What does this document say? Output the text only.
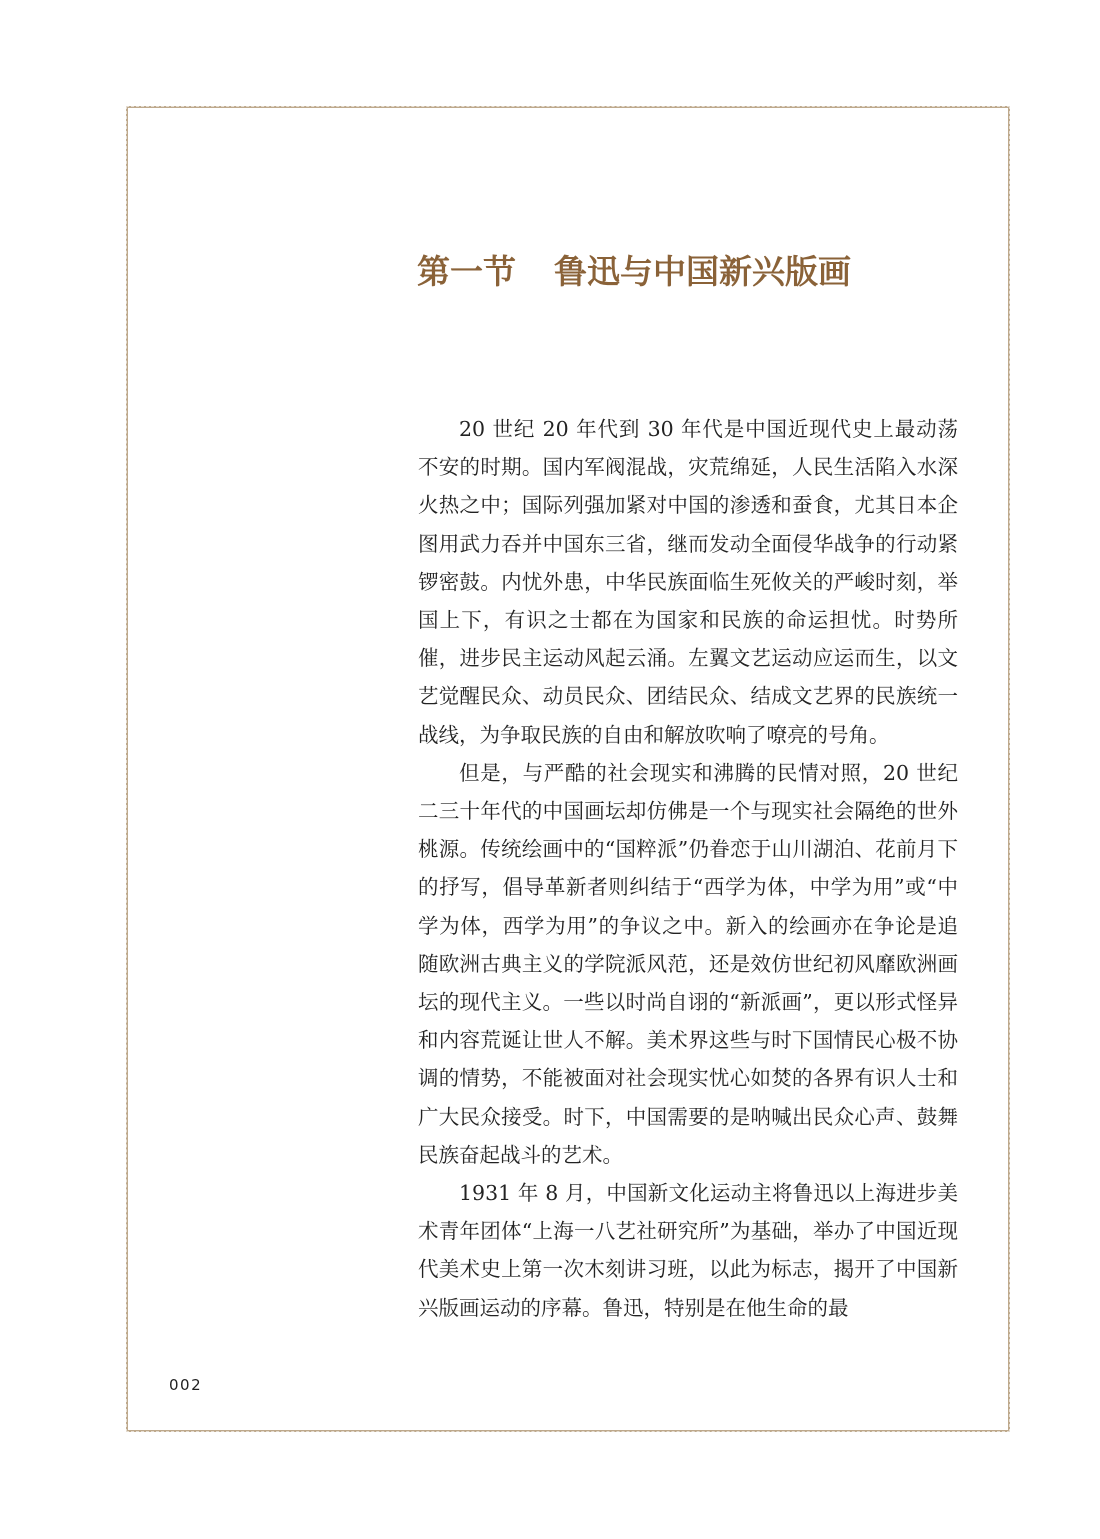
第一节 鲁迅与中国新兴版画

20 世纪 20 年代到 30 年代是中国近现代史上最动荡不安的时期。国内军阀混战，灾荒绵延，人民生活陷入水深火热之中；国际列强加紧对中国的渗透和蚕食，尤其日本企图用武力吞并中国东三省，继而发动全面侵华战争的行动紧锣密鼓。内忧外患，中华民族面临生死攸关的严峻时刻，举国上下，有识之士都在为国家和民族的命运担忧。时势所催，进步民主运动风起云涌。左翼文艺运动应运而生，以文艺觉醒民众、动员民众、团结民众、结成文艺界的民族统一战线，为争取民族的自由和解放吹响了嘹亮的号角。

但是，与严酷的社会现实和沸腾的民情对照，20 世纪二三十年代的中国画坛却仿佛是一个与现实社会隔绝的世外桃源。传统绘画中的“国粹派”仍眷恋于山川湖泊、花前月下的抒写，倡导革新者则纠结于“西学为体，中学为用”或“中学为体，西学为用”的争议之中。新入的绘画亦在争论是追随欧洲古典主义的学院派风范，还是效仿世纪初风靡欧洲画坛的现代主义。一些以时尚自诩的“新派画”，更以形式怪异和内容荒诞让世人不解。美术界这些与时下国情民心极不协调的情势，不能被面对社会现实忧心如焚的各界有识人士和广大民众接受。时下，中国需要的是呐喊出民众心声、鼓舞民族奋起战斗的艺术。

1931 年 8 月，中国新文化运动主将鲁迅以上海进步美术青年团体“上海一八艺社研究所”为基础，举办了中国近现代美术史上第一次木刻讲习班，以此为标志，揭开了中国新兴版画运动的序幕。鲁迅，特别是在他生命的最

002
